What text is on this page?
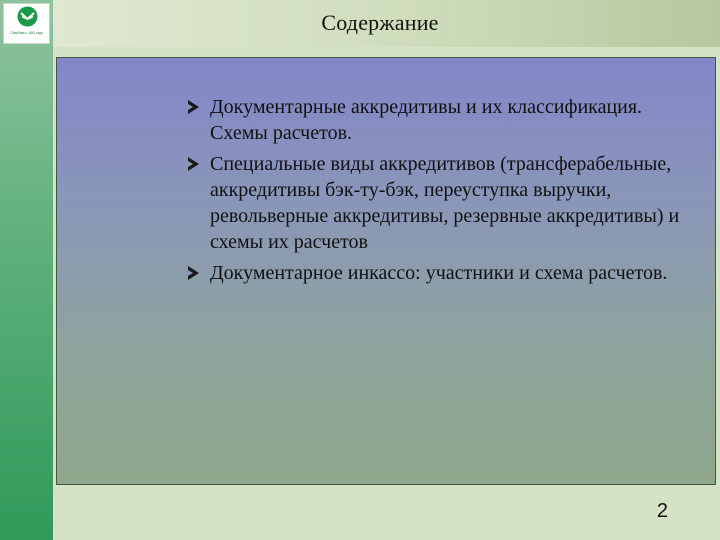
Сбербанк с 1841 года	Содержание
Документарные аккредитивы и их классификация. Схемы расчетов.
Специальные виды аккредитивов (трансферабельные, аккредитивы бэк-ту-бэк, переуступка выручки, револьверные аккредитивы, резервные аккредитивы) и схемы их расчетов
Документарное инкассо: участники и схема расчетов.
2
